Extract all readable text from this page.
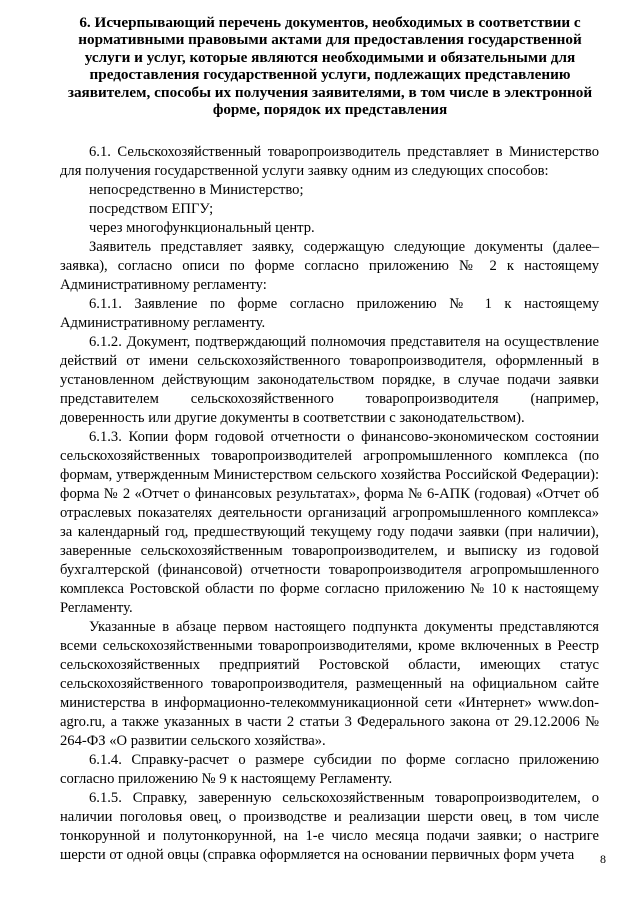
6. Исчерпывающий перечень документов, необходимых в соответствии с нормативными правовыми актами для предоставления государственной услуги и услуг, которые являются необходимыми и обязательными для предоставления государственной услуги, подлежащих представлению заявителем, способы их получения заявителями, в том числе в электронной форме, порядок их представления

6.1. Сельскохозяйственный товаропроизводитель представляет в Министерство для получения государственной услуги заявку одним из следующих способов:

непосредственно в Министерство;

посредством ЕПГУ;

через многофункциональный центр.

Заявитель представляет заявку, содержащую следующие документы (далее– заявка), согласно описи по форме согласно приложению № 2 к настоящему Административному регламенту:

6.1.1. Заявление по форме согласно приложению № 1 к настоящему Административному регламенту.

6.1.2. Документ, подтверждающий полномочия представителя на осуществление действий от имени сельскохозяйственного товаропроизводителя, оформленный в установленном действующим законодательством порядке, в случае подачи заявки представителем сельскохозяйственного товаропроизводителя (например, доверенность или другие документы в соответствии с законодательством).

6.1.3. Копии форм годовой отчетности о финансово-экономическом состоянии сельскохозяйственных товаропроизводителей агропромышленного комплекса (по формам, утвержденным Министерством сельского хозяйства Российской Федерации): форма № 2 «Отчет о финансовых результатах», форма № 6-АПК (годовая) «Отчет об отраслевых показателях деятельности организаций агропромышленного комплекса» за календарный год, предшествующий текущему году подачи заявки (при наличии), заверенные сельскохозяйственным товаропроизводителем, и выписку из годовой бухгалтерской (финансовой) отчетности товаропроизводителя агропромышленного комплекса Ростовской области по форме согласно приложению № 10 к настоящему Регламенту.

Указанные в абзаце первом настоящего подпункта документы представляются всеми сельскохозяйственными товаропроизводителями, кроме включенных в Реестр сельскохозяйственных предприятий Ростовской области, имеющих статус сельскохозяйственного товаропроизводителя, размещенный на официальном сайте министерства в информационно-телекоммуникационной сети «Интернет» www.don-agro.ru, а также указанных в части 2 статьи 3 Федерального закона от 29.12.2006 № 264-ФЗ «О развитии сельского хозяйства».

6.1.4. Справку-расчет о размере субсидии по форме согласно приложению согласно приложению № 9 к настоящему Регламенту.

6.1.5. Справку, заверенную сельскохозяйственным товаропроизводителем, о наличии поголовья овец, о производстве и реализации шерсти овец, в том числе тонкорунной и полутонкорунной, на 1-е число месяца подачи заявки; о настриге шерсти от одной овцы (справка оформляется на основании первичных форм учета	8
